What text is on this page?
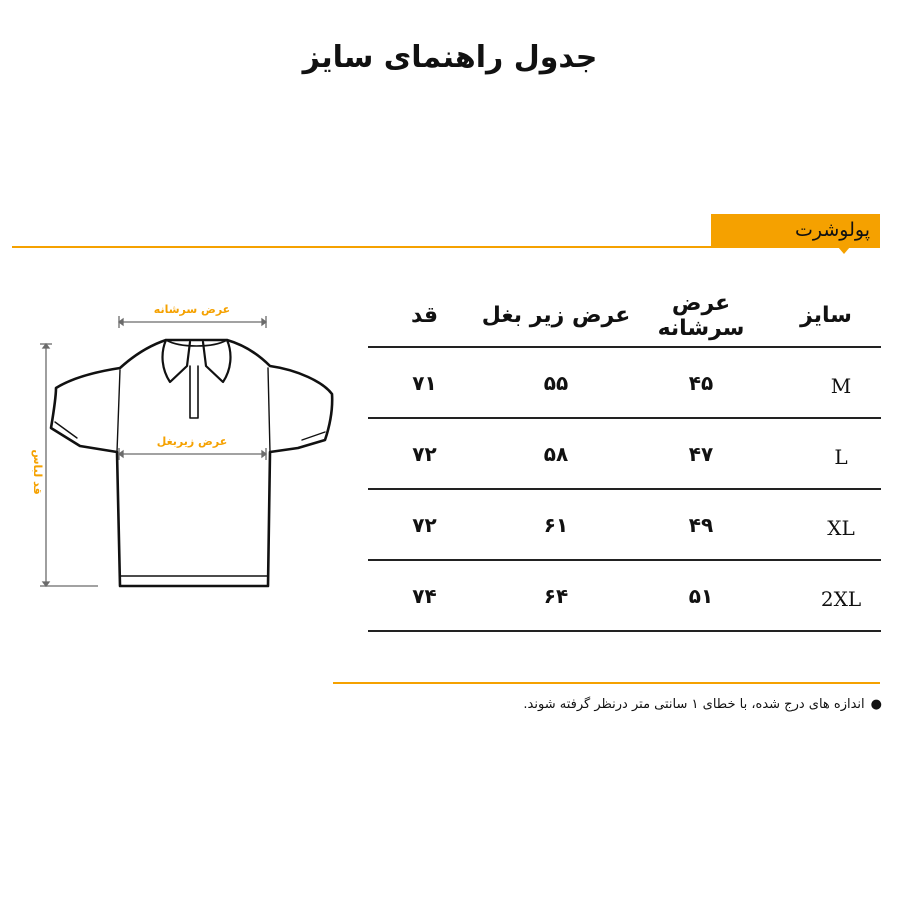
جدول راهنمای سایز
پولوشرت
عرض سرشانه
عرض زیربغل
قد لباس
سایز	عرض سرشانه	عرض زیر بغل	قد
M	۴۵	۵۵	۷۱
L	۴۷	۵۸	۷۲
XL	۴۹	۶۱	۷۲
2XL	۵۱	۶۴	۷۴
●اندازه های درج شده، با خطای ۱ سانتی متر درنظر گرفته شوند.
